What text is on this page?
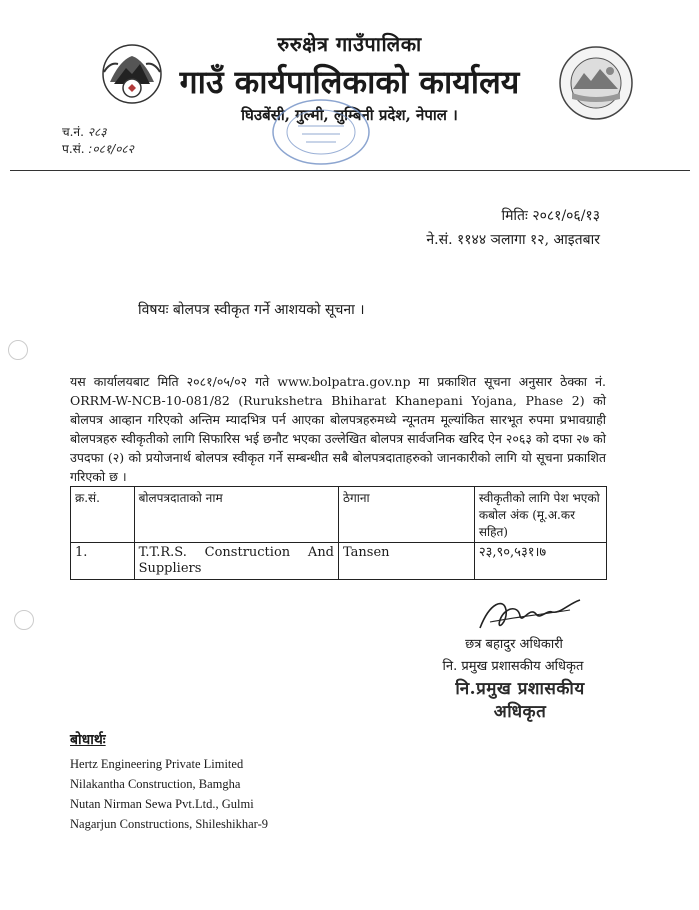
रुरुक्षेत्र गाउँपालिका
गाउँ कार्यपालिकाको कार्यालय
घिउबेंसी, गुल्मी, लुम्बिनी प्रदेश, नेपाल ।
च.नं. २८३
प.सं. :०८१/०८२
मितिः २०८१/०६/१३
ने.सं. ११४४ ञलागा १२, आइतबार
विषयः बोलपत्र स्वीकृत गर्ने आशयको सूचना ।
यस कार्यालयबाट मिति २०८१/०५/०२ गते www.bolpatra.gov.np मा प्रकाशित सूचना अनुसार ठेक्का नं. ORRM-W-NCB-10-081/82 (Rurukshetra Bhiharat Khanepani Yojana, Phase 2) को बोलपत्र आव्हान गरिएको अन्तिम म्यादभित्र पर्न आएका बोलपत्रहरुमध्ये न्यूनतम मूल्यांकित सारभूत रुपमा प्रभावग्राही बोलपत्रहरु स्वीकृतीको लागि सिफारिस भई छनौट भएका उल्लेखित बोलपत्र सार्वजनिक खरिद ऐन २०६३ को दफा २७ को उपदफा (२) को प्रयोजनार्थ बोलपत्र स्वीकृत गर्ने सम्बन्धीत सबै बोलपत्रदाताहरुको जानकारीको लागि यो सूचना प्रकाशित गरिएको छ ।
क्र.सं.	बोलपत्रदाताको नाम	ठेगाना	स्वीकृतीको लागि पेश भएको कबोल अंक (मू.अ.कर सहित)
1.	T.T.R.S. Construction And Suppliers	Tansen	२३,९०,५३१।७
छत्र बहादुर अधिकारी
नि. प्रमुख प्रशासकीय अधिकृत
नि.प्रमुख प्रशासकीय अधिकृत
बोधार्थः
Hertz Engineering Private Limited
Nilakantha Construction, Bamgha
Nutan Nirman Sewa Pvt.Ltd., Gulmi
Nagarjun Constructions, Shileshikhar-9
